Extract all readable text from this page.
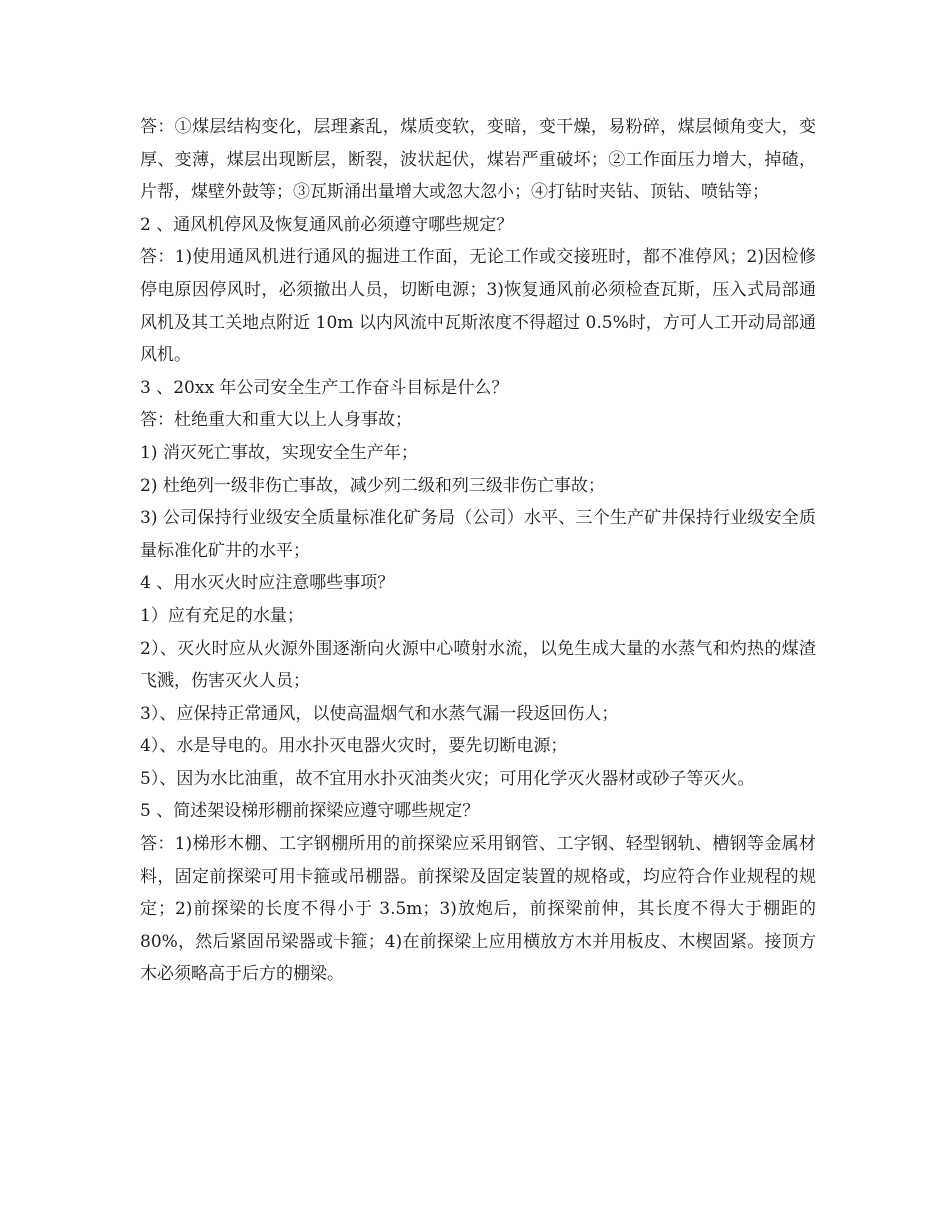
答：①煤层结构变化，层理紊乱，煤质变软，变暗，变干燥，易粉碎，煤层倾角变大，变厚、变薄，煤层出现断层，断裂，波状起伏，煤岩严重破坏；②工作面压力增大，掉碴，片帮，煤壁外鼓等；③瓦斯涌出量增大或忽大忽小；④打钻时夹钻、顶钻、喷钻等；

2 、通风机停风及恢复通风前必须遵守哪些规定？

答：1)使用通风机进行通风的掘进工作面，无论工作或交接班时，都不准停风；2)因检修停电原因停风时，必须撤出人员，切断电源；3)恢复通风前必须检查瓦斯，压入式局部通风机及其工关地点附近 10m 以内风流中瓦斯浓度不得超过 0.5%时，方可人工开动局部通风机。

3 、20xx 年公司安全生产工作奋斗目标是什么？

答：杜绝重大和重大以上人身事故；

1) 消灭死亡事故，实现安全生产年；

2) 杜绝列一级非伤亡事故，减少列二级和列三级非伤亡事故；

3) 公司保持行业级安全质量标准化矿务局（公司）水平、三个生产矿井保持行业级安全质量标准化矿井的水平；

4 、用水灭火时应注意哪些事项？

1）应有充足的水量；

2）、灭火时应从火源外围逐渐向火源中心喷射水流，以免生成大量的水蒸气和灼热的煤渣飞溅，伤害灭火人员；

3）、应保持正常通风，以使高温烟气和水蒸气漏一段返回伤人；

4）、水是导电的。用水扑灭电器火灾时，要先切断电源；

5）、因为水比油重，故不宜用水扑灭油类火灾；可用化学灭火器材或砂子等灭火。

5 、简述架设梯形棚前探梁应遵守哪些规定？

答：1)梯形木棚、工字钢棚所用的前探梁应采用钢管、工字钢、轻型钢轨、槽钢等金属材料，固定前探梁可用卡箍或吊棚器。前探梁及固定装置的规格或，均应符合作业规程的规定；2)前探梁的长度不得小于 3.5m；3)放炮后，前探梁前伸，其长度不得大于棚距的 80%，然后紧固吊梁器或卡箍；4)在前探梁上应用横放方木并用板皮、木楔固紧。接顶方木必须略高于后方的棚梁。
